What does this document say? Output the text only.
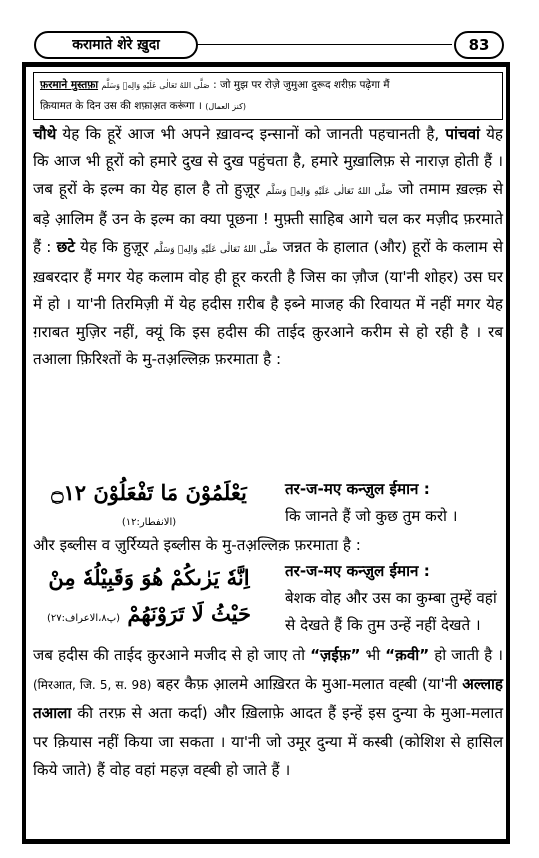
करामाते शेरे ख़ुदा	83
फ़रमाने मुस्तफ़ा صَلَّى اللهُ تَعَالٰى عَلَيْهِ وَالِهٖ وَسَلَّم : जो मुझ पर रोज़े जुमुआ दुरूद शरीफ़ पढ़ेगा मैं
क़ियामत के दिन उस की शफ़ाअ़त करूंगा । (كنز العمال)
चौथे येह कि हूरें आज भी अपने ख़ावन्द इन्सानों को जानती पहचानती है, पांचवां येह कि आज भी हूरों को हमारे दुख से दुख पहुंचता है, हमारे मुख़ालिफ़ से नाराज़ होती हैं । जब हूरों के इल्म का येह हाल है तो हुज़ूर صَلَّى اللهُ تَعَالٰى عَلَيْهِ وَالِهٖ وَسَلَّم जो तमाम ख़ल्क़ से बड़े आ़लिम हैं उन के इल्म का क्या पूछना ! मुफ़्ती साहिब आगे चल कर मज़ीद फ़रमाते हैं : छटे येह कि हुज़ूर صَلَّى اللهُ تَعَالٰى عَلَيْهِ وَالِهٖ وَسَلَّم जन्नत के हालात (और) हूरों के कलाम से ख़बरदार हैं मगर येह कलाम वोह ही हूर करती है जिस का ज़ौज (या'नी शोहर) उस घर में हो । या'नी तिरमिज़ी में येह हदीस ग़रीब है इब्ने माजह की रिवायत में नहीं मगर येह ग़राबत मुज़िर नहीं, क्यूं कि इस हदीस की ताईद क़ुरआने करीम से हो रही है । रब तआला फ़िरिश्तों के मु-तअ़ल्लिक़ फ़रमाता है :
يَعْلَمُوْنَ مَا تَفْعَلُوْنَ ۝۱۲ (الانفطار:١٢)
तर-ज-मए कन्ज़ुल ईमान :
कि जानते हैं जो कुछ तुम करो ।
और इब्लीस व ज़ुर्रिय्यते इब्लीस के मु-तअ़ल्लिक़ फ़रमाता है :
اِنَّهٗ يَرٰىكُمْ هُوَ وَقَبِيْلُهٗ مِنْ
حَيْثُ لَا تَرَوْنَهُمْ (پ٨،الاعراف:٢٧)
तर-ज-मए कन्ज़ुल ईमान :
बेशक वोह और उस का कुम्बा तुम्हें वहां से देखते हैं कि तुम उन्हें नहीं देखते ।
जब हदीस की ताईद क़ुरआने मजीद से हो जाए तो “ज़ईफ़” भी “क़वी” हो जाती है । (मिरआत, जि. 5, स. 98) बहर कैफ़ आ़लमे आख़िरत के मुआ-मलात वह्बी (या'नी अल्लाह तआला की तरफ़ से अता कर्दा) और ख़िलाफ़े आदत हैं इन्हें इस दुन्या के मुआ-मलात पर क़ियास नहीं किया जा सकता । या'नी जो उमूर दुन्या में कस्बी (कोशिश से हासिल किये जाते) हैं वोह वहां महज़ वह्बी हो जाते हैं ।
